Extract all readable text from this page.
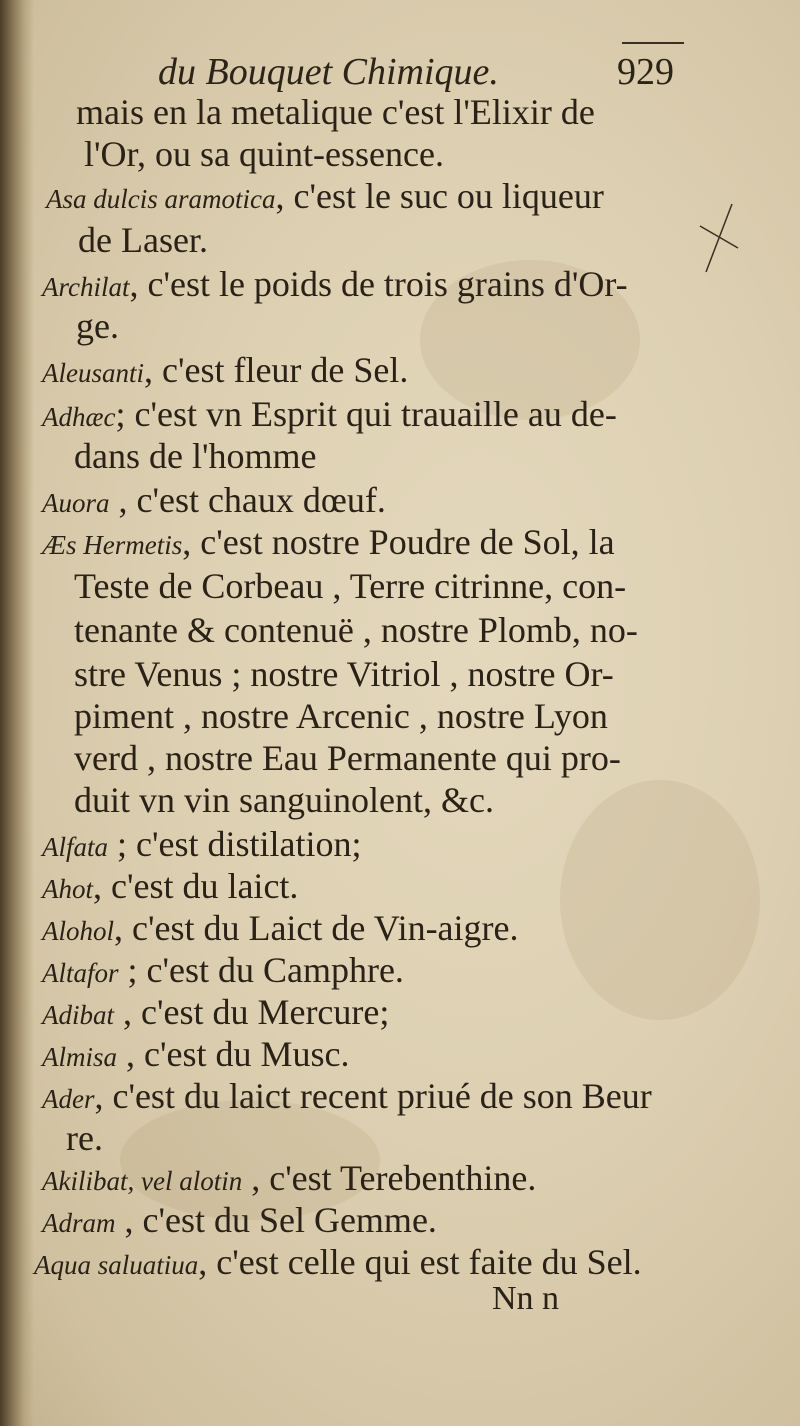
du Bouquet Chimique.	929
mais en la metalique c'est l'Elixir de
l'Or, ou sa quint-essence.
Asa dulcis aramotica, c'est le suc ou liqueur
de Laser.
Archilat, c'est le poids de trois grains d'Or-
ge.
Aleusanti, c'est fleur de Sel.
Adhæc; c'est vn Esprit qui trauaille au de-
dans de l'homme
Auora , c'est chaux dœuf.
Æs Hermetis, c'est nostre Poudre de Sol, la
Teste de Corbeau , Terre citrinne, con-
tenante & contenuë , nostre Plomb, no-
stre Venus ; nostre Vitriol , nostre Or-
piment , nostre Arcenic , nostre Lyon
verd , nostre Eau Permanente qui pro-
duit vn vin sanguinolent, &c.
Alfata ; c'est distilation;
Ahot, c'est du laict.
Alohol, c'est du Laict de Vin-aigre.
Altafor ; c'est du Camphre.
Adibat , c'est du Mercure;
Almisa , c'est du Musc.
Ader, c'est du laict recent priué de son Beur
re.
Akilibat, vel alotin , c'est Terebenthine.
Adram , c'est du Sel Gemme.
Aqua saluatiua, c'est celle qui est faite du Sel.
Nn n
